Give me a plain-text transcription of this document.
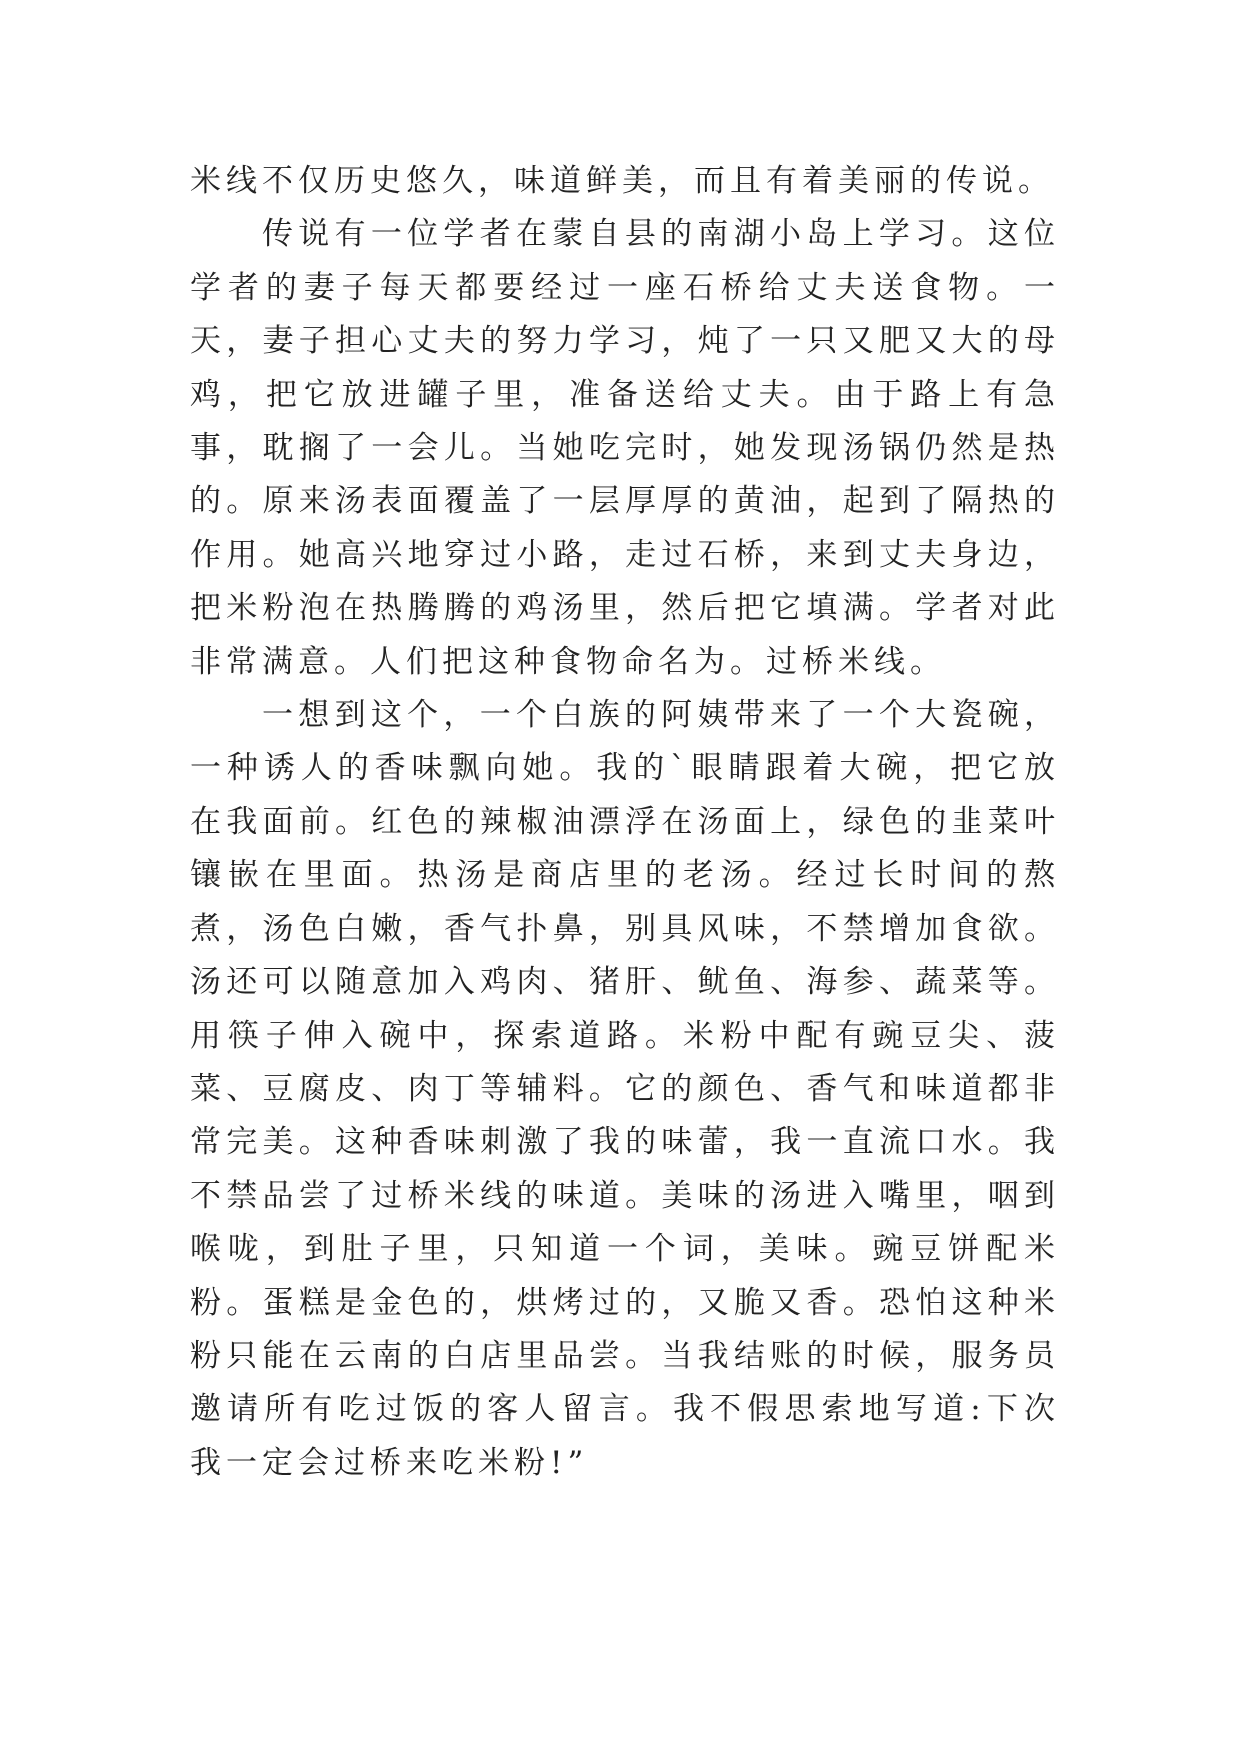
米线不仅历史悠久，味道鲜美，而且有着美丽的传说。

传说有一位学者在蒙自县的南湖小岛上学习。这位学者的妻子每天都要经过一座石桥给丈夫送食物。一天，妻子担心丈夫的努力学习，炖了一只又肥又大的母鸡，把它放进罐子里，准备送给丈夫。由于路上有急事，耽搁了一会儿。当她吃完时，她发现汤锅仍然是热的。原来汤表面覆盖了一层厚厚的黄油，起到了隔热的作用。她高兴地穿过小路，走过石桥，来到丈夫身边，把米粉泡在热腾腾的鸡汤里，然后把它填满。学者对此非常满意。人们把这种食物命名为。过桥米线。

一想到这个，一个白族的阿姨带来了一个大瓷碗，一种诱人的香味飘向她。我的`眼睛跟着大碗，把它放在我面前。红色的辣椒油漂浮在汤面上，绿色的韭菜叶镶嵌在里面。热汤是商店里的老汤。经过长时间的熬煮，汤色白嫩，香气扑鼻，别具风味，不禁增加食欲。汤还可以随意加入鸡肉、猪肝、鱿鱼、海参、蔬菜等。用筷子伸入碗中，探索道路。米粉中配有豌豆尖、菠菜、豆腐皮、肉丁等辅料。它的颜色、香气和味道都非常完美。这种香味刺激了我的味蕾，我一直流口水。我不禁品尝了过桥米线的味道。美味的汤进入嘴里，咽到喉咙，到肚子里，只知道一个词，美味。豌豆饼配米粉。蛋糕是金色的，烘烤过的，又脆又香。恐怕这种米粉只能在云南的白店里品尝。当我结账的时候，服务员邀请所有吃过饭的客人留言。我不假思索地写道:下次我一定会过桥来吃米粉!”
